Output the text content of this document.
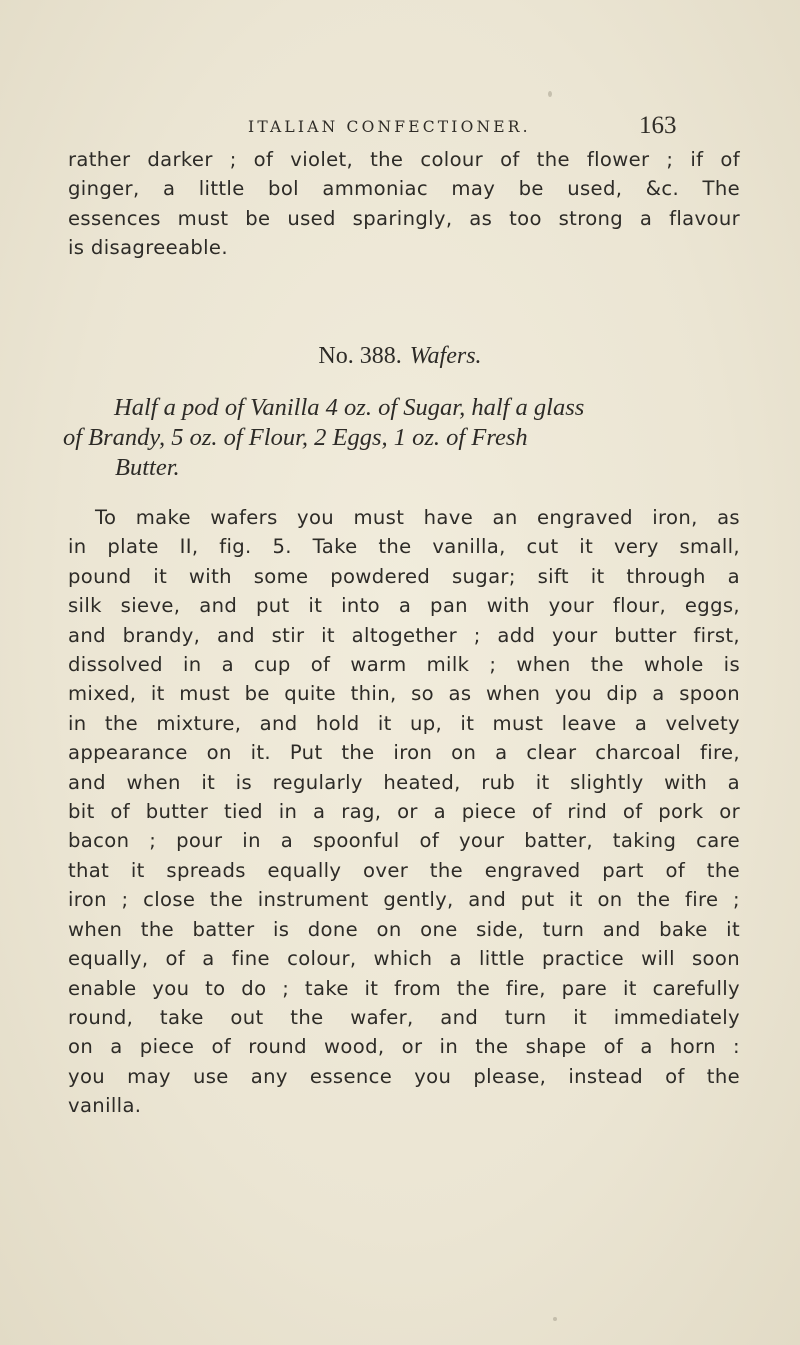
ITALIAN CONFECTIONER.	163
rather darker ; of violet, the colour of the flower ; if of
ginger, a little bol ammoniac may be used, &c. The
essences must be used sparingly, as too strong a flavour
is disagreeable.
No. 388. Wafers.
Half a pod of Vanilla 4 oz. of Sugar, half a glass
of Brandy, 5 oz. of Flour, 2 Eggs, 1 oz. of Fresh
Butter.
To make wafers you must have an engraved iron, as
in plate II, fig. 5. Take the vanilla, cut it very small,
pound it with some powdered sugar; sift it through a
silk sieve, and put it into a pan with your flour, eggs,
and brandy, and stir it altogether ; add your butter first,
dissolved in a cup of warm milk ; when the whole is
mixed, it must be quite thin, so as when you dip a spoon
in the mixture, and hold it up, it must leave a velvety
appearance on it. Put the iron on a clear charcoal fire,
and when it is regularly heated, rub it slightly with a
bit of butter tied in a rag, or a piece of rind of pork or
bacon ; pour in a spoonful of your batter, taking care
that it spreads equally over the engraved part of the
iron ; close the instrument gently, and put it on the fire ;
when the batter is done on one side, turn and bake it
equally, of a fine colour, which a little practice will soon
enable you to do ; take it from the fire, pare it carefully
round, take out the wafer, and turn it immediately
on a piece of round wood, or in the shape of a horn :
you may use any essence you please, instead of the
vanilla.
